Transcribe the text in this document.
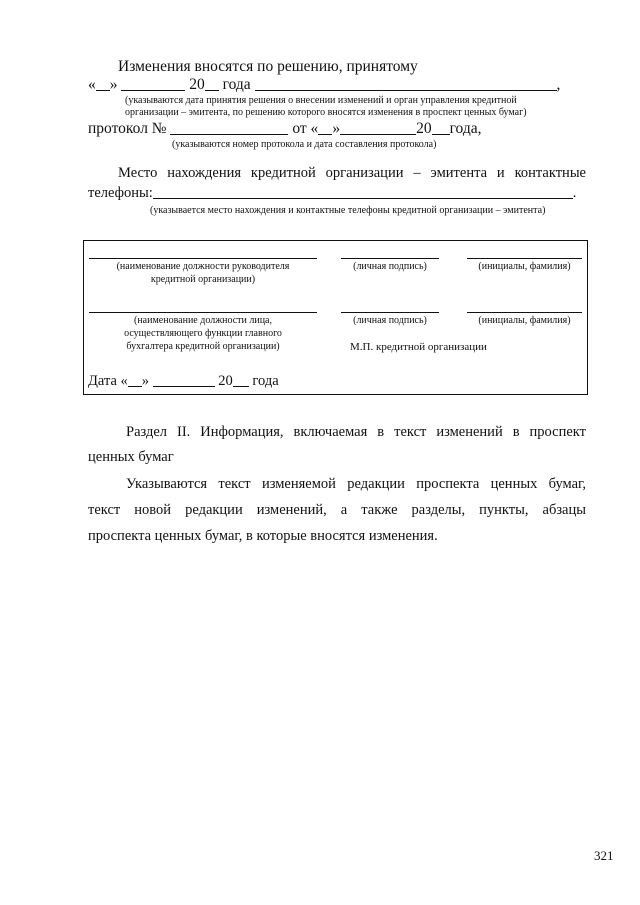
Изменения вносятся по решению, принятому
« »	20 года	,
(указываются дата принятия решения о внесении изменений и орган управления кредитной
организации – эмитента, по решению которого вносятся изменения в проспект ценных бумаг)
протокол №	от « »	20 года,
(указываются номер протокола и дата составления протокола)
Место нахождения кредитной организации – эмитента и контактные
телефоны:	.
(указывается место нахождения и контактные телефоны кредитной организации – эмитента)
(наименование должности руководителя
кредитной организации)
(личная подпись)	(инициалы, фамилия)
(наименование должности лица,
осуществляющего функции главного
бухгалтера кредитной организации)
(личная подпись)	(инициалы, фамилия)
М.П. кредитной организации
Дата « »	20 года
Раздел II. Информация, включаемая в текст изменений в проспект
ценных бумаг
Указываются текст изменяемой редакции проспекта ценных бумаг,
текст новой редакции изменений, а также разделы, пункты, абзацы
проспекта ценных бумаг, в которые вносятся изменения.
321
